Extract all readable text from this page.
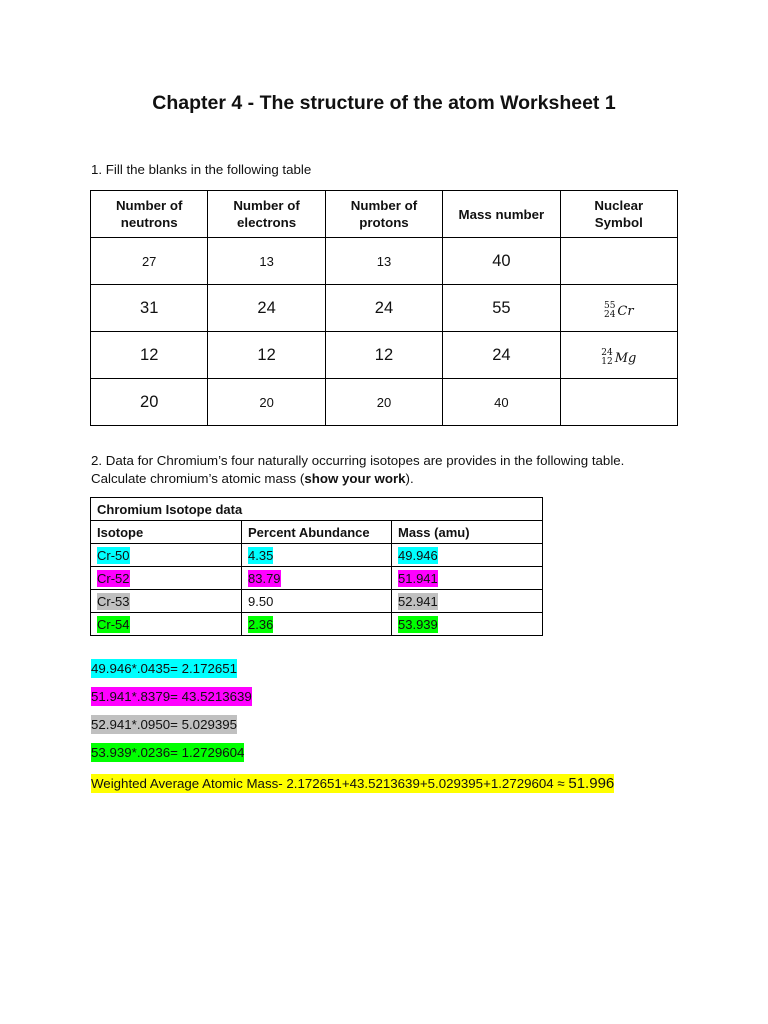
Chapter 4 - The structure of the atom Worksheet 1
1. Fill the blanks in the following table
Number of
neutrons	Number of
electrons	Number of
protons	Mass number	Nuclear
Symbol
27	13	13	40	
31	24	24	55	55
24 Cr

12	12	12	24	24
12 Mg

20	20	20	40	
2. Data for Chromium’s four naturally occurring isotopes are provides in the following table.
Calculate chromium’s atomic mass (show your work).
Chromium Isotope data		
Isotope	Percent Abundance	Mass (amu)
Cr-50	4.35	49.946
Cr-52	83.79	51.941
Cr-53	9.50	52.941
Cr-54	2.36	53.939
49.946*.0435= 2.172651
51.941*.8379= 43.5213639
52.941*.0950= 5.029395
53.939*.0236= 1.2729604
Weighted Average Atomic Mass- 2.172651+43.5213639+5.029395+1.2729604 ≈ 51.996
